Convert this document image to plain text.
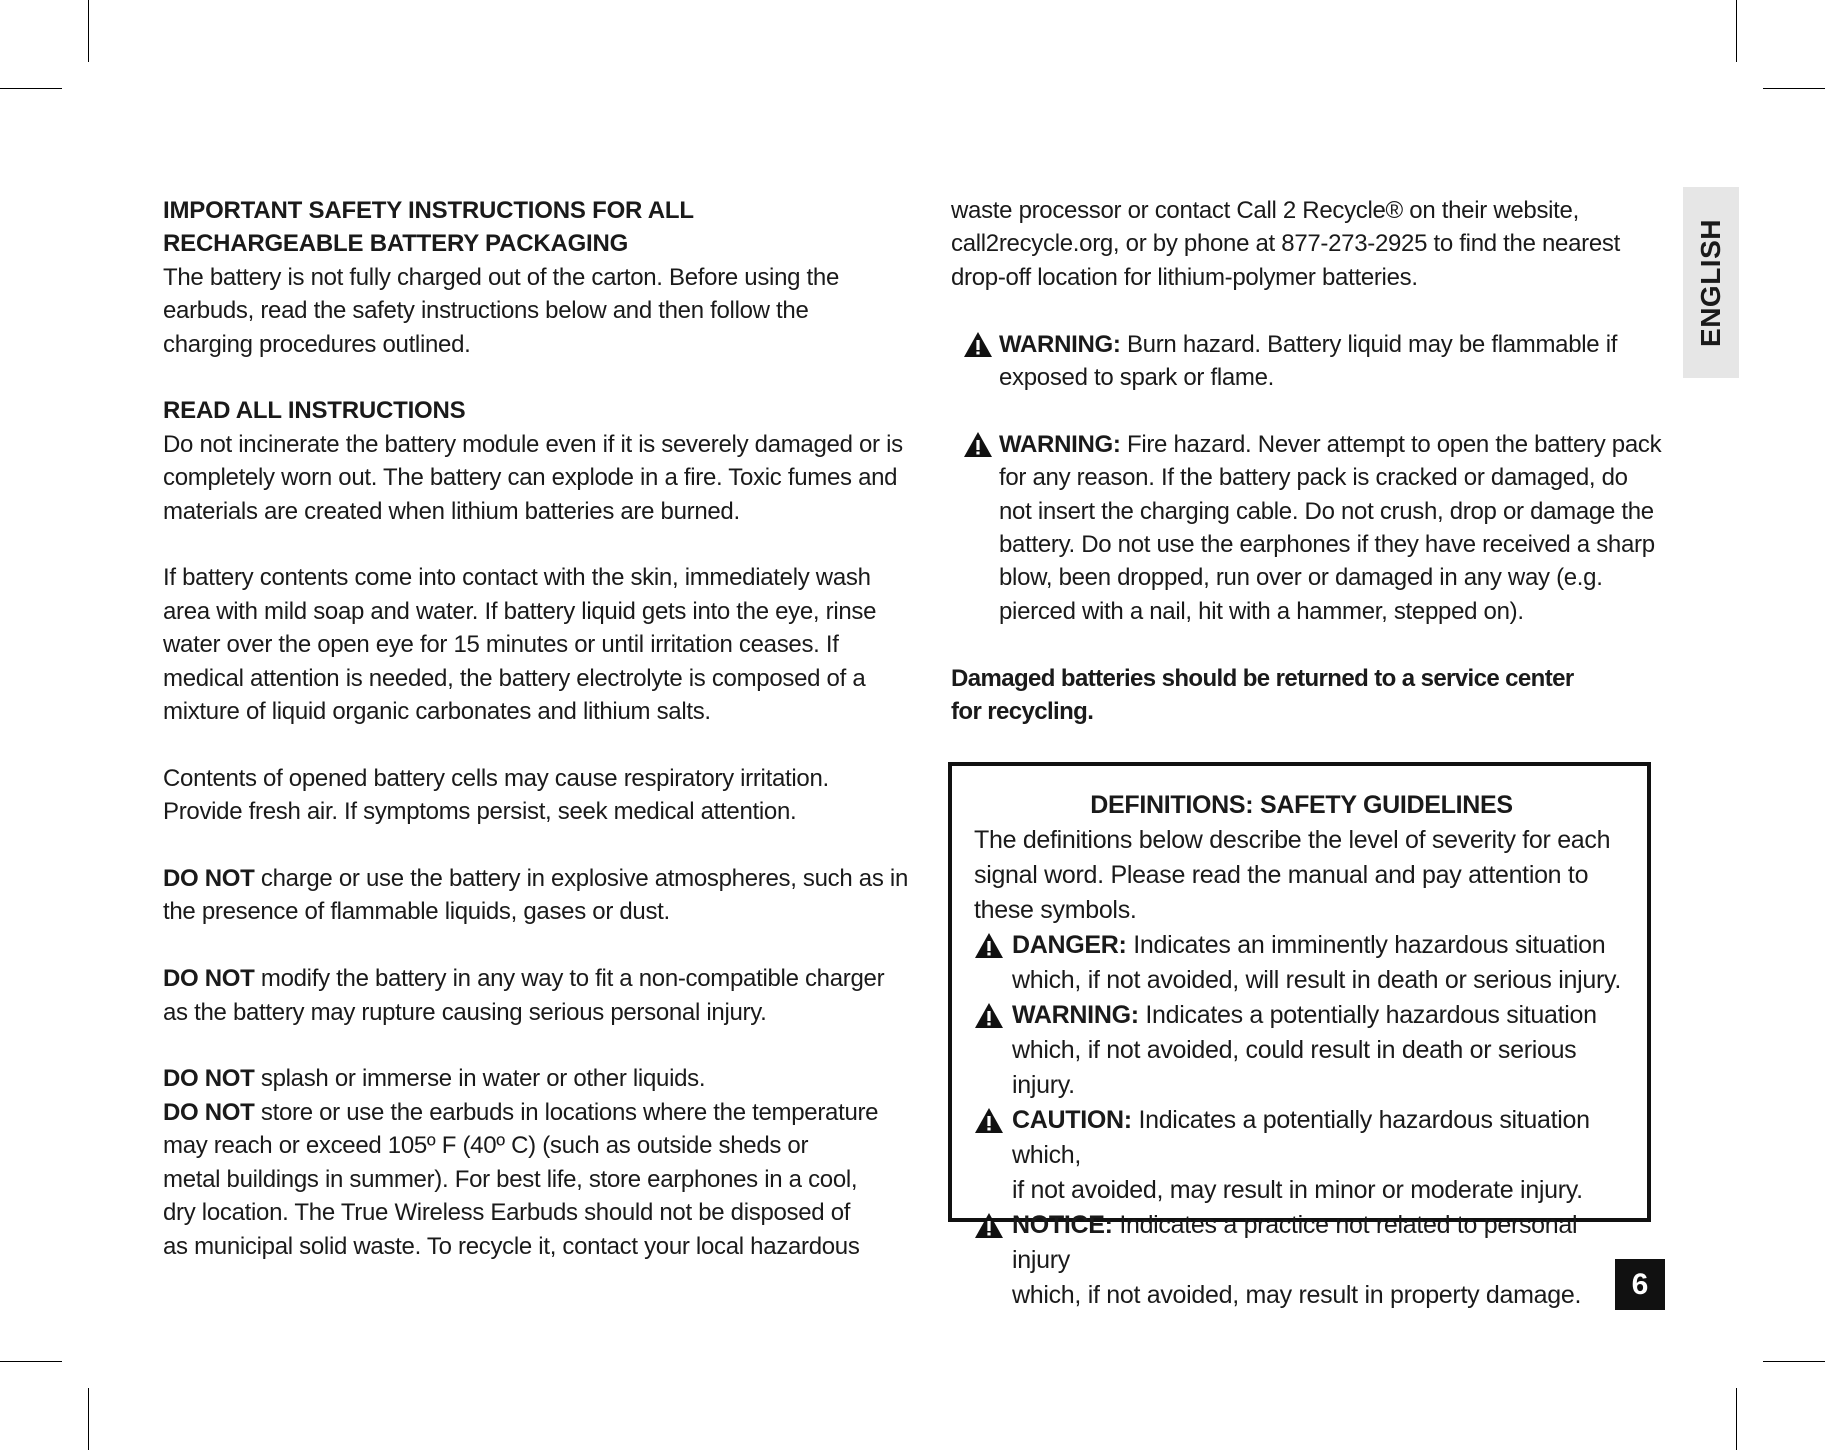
IMPORTANT SAFETY INSTRUCTIONS FOR ALL
RECHARGEABLE BATTERY PACKAGING

The battery is not fully charged out of the carton. Before using the
earbuds, read the safety instructions below and then follow the
charging procedures outlined.

READ ALL INSTRUCTIONS

Do not incinerate the battery module even if it is severely damaged or is
completely worn out. The battery can explode in a fire. Toxic fumes and
materials are created when lithium batteries are burned.

If battery contents come into contact with the skin, immediately wash
area with mild soap and water. If battery liquid gets into the eye, rinse
water over the open eye for 15 minutes or until irritation ceases. If
medical attention is needed, the battery electrolyte is composed of a
mixture of liquid organic carbonates and lithium salts.

Contents of opened battery cells may cause respiratory irritation.
Provide fresh air. If symptoms persist, seek medical attention.

DO NOT charge or use the battery in explosive atmospheres, such as in
the presence of flammable liquids, gases or dust.

DO NOT modify the battery in any way to fit a non-compatible charger
as the battery may rupture causing serious personal injury.

DO NOT splash or immerse in water or other liquids.

DO NOT store or use the earbuds in locations where the temperature
may reach or exceed 105º F (40º C) (such as outside sheds or
metal buildings in summer). For best life, store earphones in a cool,
dry location. The True Wireless Earbuds should not be disposed of
as municipal solid waste. To recycle it, contact your local hazardous

waste processor or contact Call 2 Recycle® on their website,
call2recycle.org, or by phone at 877-273-2925 to find the nearest
drop-off location for lithium-polymer batteries.

WARNING: Burn hazard. Battery liquid may be flammable if
exposed to spark or flame.
WARNING: Fire hazard. Never attempt to open the battery pack
for any reason. If the battery pack is cracked or damaged, do
not insert the charging cable. Do not crush, drop or damage the
battery. Do not use the earphones if they have received a sharp
blow, been dropped, run over or damaged in any way (e.g.
pierced with a nail, hit with a hammer, stepped on).

Damaged batteries should be returned to a service center
for recycling.

DEFINITIONS: SAFETY GUIDELINES

The definitions below describe the level of severity for each
signal word. Please read the manual and pay attention to
these symbols.

DANGER: Indicates an imminently hazardous situation
which, if not avoided, will result in death or serious injury.
WARNING: Indicates a potentially hazardous situation
which, if not avoided, could result in death or serious injury.
CAUTION: Indicates a potentially hazardous situation which,
if not avoided, may result in minor or moderate injury.
NOTICE: Indicates a practice not related to personal injury
which, if not avoided, may result in property damage.
ENGLISH
6
